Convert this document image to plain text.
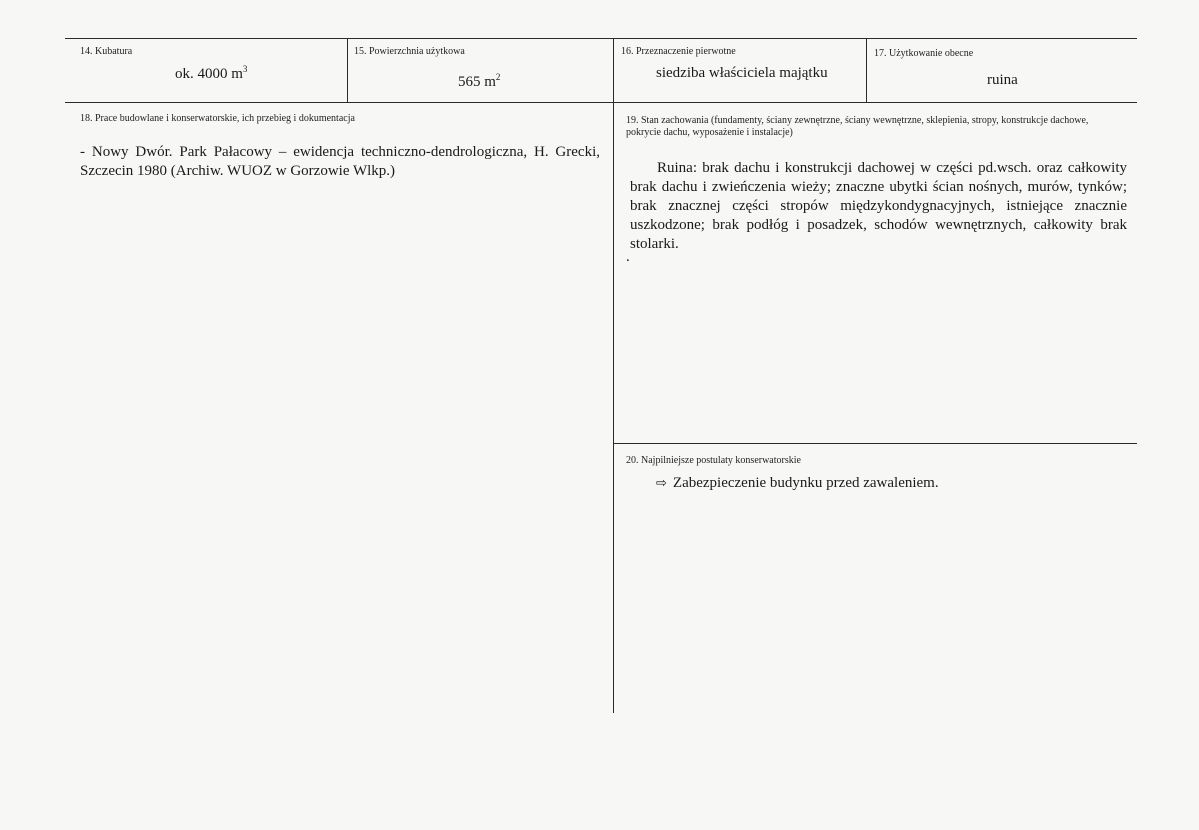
14. Kubatura
ok. 4000 $m^3$
15. Powierzchnia użytkowa
565 $m^2$
16. Przeznaczenie pierwotne
siedziba właściciela majątku
17. Użytkowanie obecne
ruina
18. Prace budowlane i konserwatorskie, ich przebieg i dokumentacja
- Nowy Dwór. Park Pałacowy – ewidencja techniczno-dendrologiczna, H. Grecki, Szczecin 1980 (Archiw. WUOZ w Gorzowie Wlkp.)
19. Stan zachowania (fundamenty, ściany zewnętrzne, ściany wewnętrzne, sklepienia, stropy, konstrukcje dachowe, pokrycie dachu, wyposażenie i instalacje)
Ruina: brak dachu i konstrukcji dachowej w części pd.wsch. oraz całkowity brak dachu i zwieńczenia wieży; znaczne ubytki ścian nośnych, murów, tynków; brak znacznej części stropów międzykondygnacyjnych, istniejące znacznie uszkodzone; brak podłóg i posadzek, schodów wewnętrznych, całkowity brak stolarki.
.
20. Najpilniejsze postulaty konserwatorskie
⇨ Zabezpieczenie budynku przed zawaleniem.
